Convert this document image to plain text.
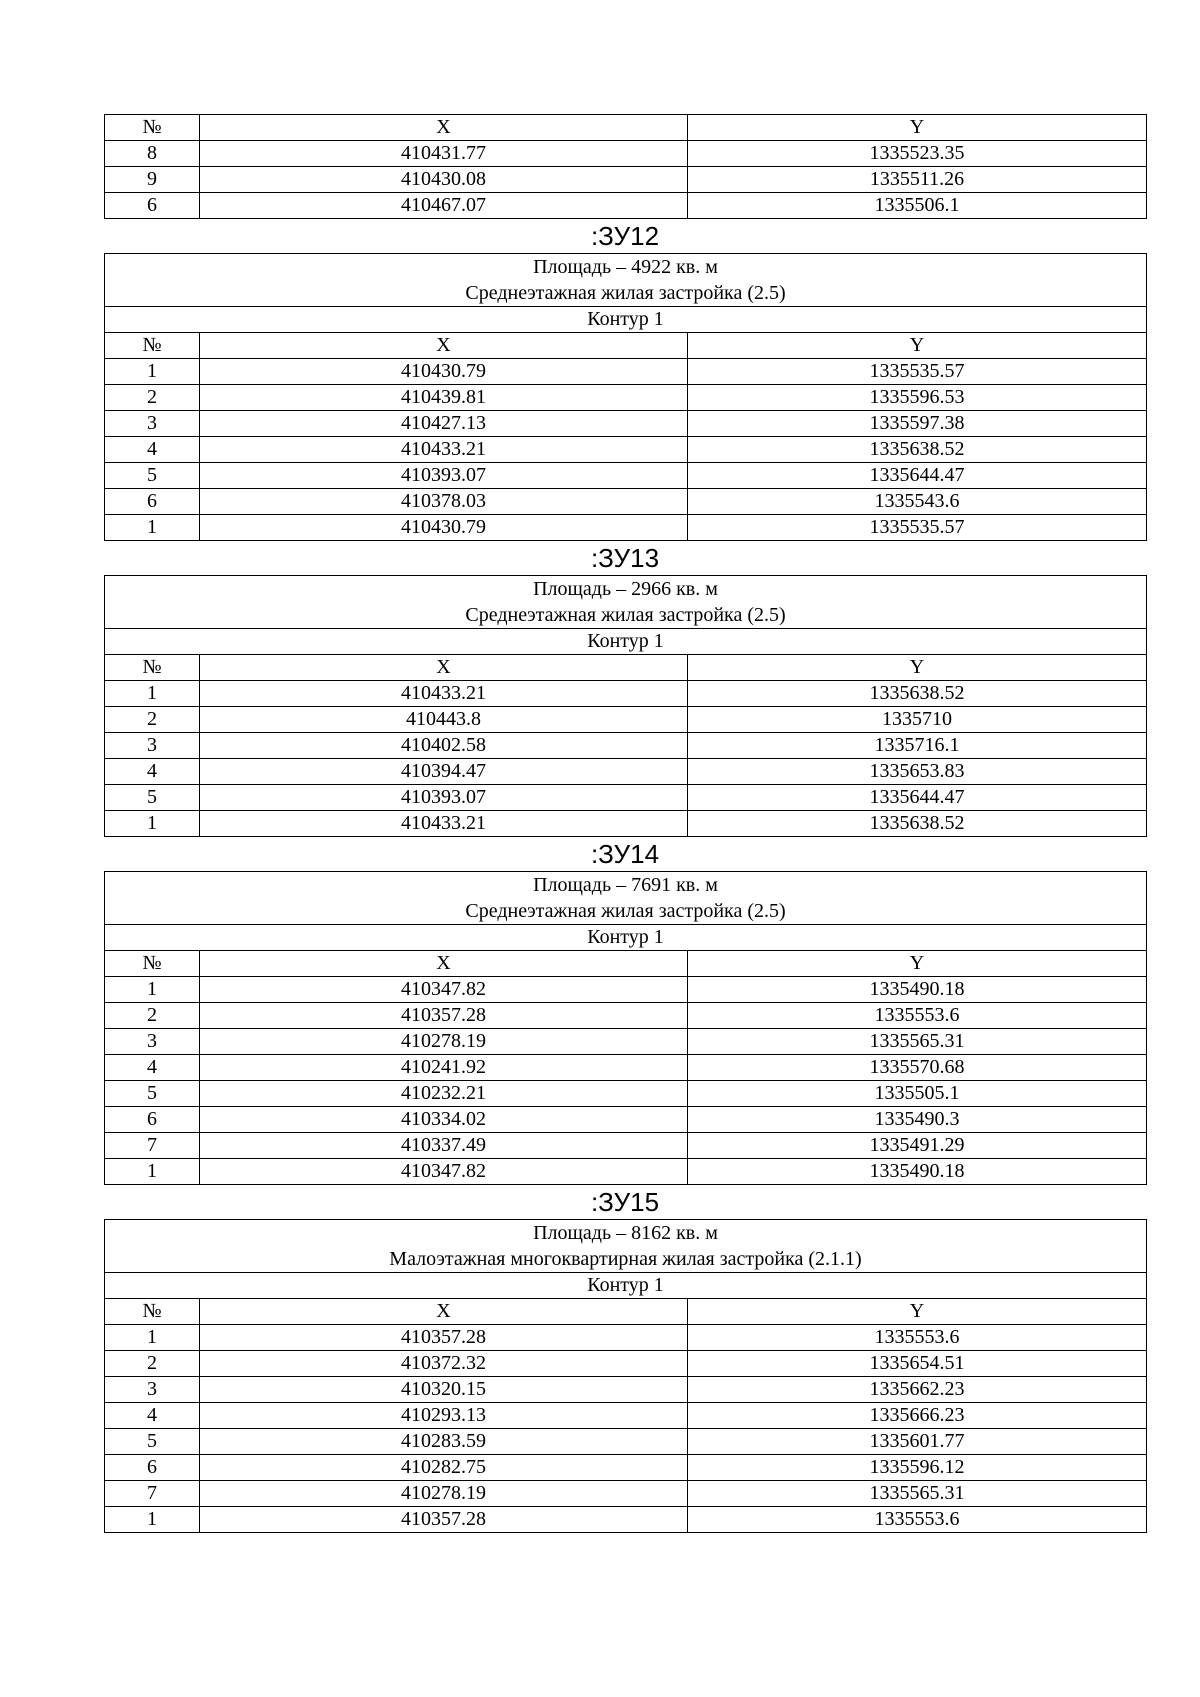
№	X	Y
8	410431.77	1335523.35
9	410430.08	1335511.26
6	410467.07	1335506.1
:ЗУ12
Площадь – 4922 кв. м
Среднеэтажная жилая застройка (2.5)		

Контур 1		
№	X	Y
1	410430.79	1335535.57
2	410439.81	1335596.53
3	410427.13	1335597.38
4	410433.21	1335638.52
5	410393.07	1335644.47
6	410378.03	1335543.6
1	410430.79	1335535.57
:ЗУ13
Площадь – 2966 кв. м
Среднеэтажная жилая застройка (2.5)		

Контур 1		
№	X	Y
1	410433.21	1335638.52
2	410443.8	1335710
3	410402.58	1335716.1
4	410394.47	1335653.83
5	410393.07	1335644.47
1	410433.21	1335638.52
:ЗУ14
Площадь – 7691 кв. м
Среднеэтажная жилая застройка (2.5)		

Контур 1		
№	X	Y
1	410347.82	1335490.18
2	410357.28	1335553.6
3	410278.19	1335565.31
4	410241.92	1335570.68
5	410232.21	1335505.1
6	410334.02	1335490.3
7	410337.49	1335491.29
1	410347.82	1335490.18
:ЗУ15
Площадь – 8162 кв. м
Малоэтажная многоквартирная жилая застройка (2.1.1)		

Контур 1		
№	X	Y
1	410357.28	1335553.6
2	410372.32	1335654.51
3	410320.15	1335662.23
4	410293.13	1335666.23
5	410283.59	1335601.77
6	410282.75	1335596.12
7	410278.19	1335565.31
1	410357.28	1335553.6
